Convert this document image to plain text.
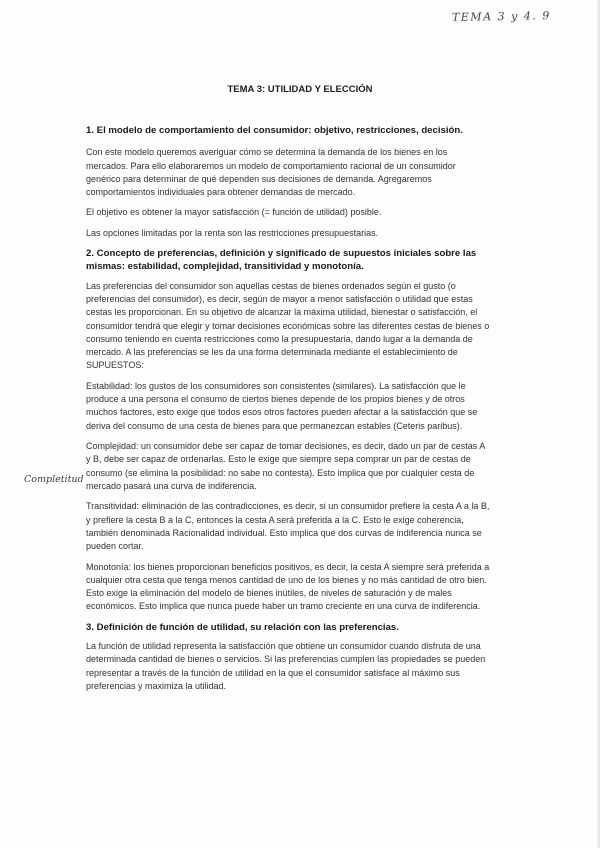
TEMA 3 y 4. 9
Completitud
TEMA 3: UTILIDAD Y ELECCIÓN
1. El modelo de comportamiento del consumidor: objetivo, restricciones, decisión.

Con este modelo queremos averiguar cómo se determina la demanda de los bienes en los mercados. Para ello elaboraremos un modelo de comportamiento racional de un consumidor genérico para determinar de qué dependen sus decisiones de demanda. Agregaremos comportamientos individuales para obtener demandas de mercado.

El objetivo es obtener la mayor satisfacción (= función de utilidad) posible.

Las opciones limitadas por la renta son las restricciones presupuestarias.

2. Concepto de preferencias, definición y significado de supuestos iniciales sobre las mismas: estabilidad, complejidad, transitividad y monotonía.

Las preferencias del consumidor son aquellas cestas de bienes ordenados según el gusto (o preferencias del consumidor), es decir, según de mayor a menor satisfacción o utilidad que estas cestas les proporcionan. En su objetivo de alcanzar la máxima utilidad, bienestar o satisfacción, el consumidor tendrá que elegir y tomar decisiones económicas sobre las diferentes cestas de bienes o consumo teniendo en cuenta restricciones como la presupuestaria, dando lugar a la demanda de mercado. A las preferencias se les da una forma determinada mediante el establecimiento de SUPUESTOS:

Estabilidad: los gustos de los consumidores son consistentes (similares). La satisfacción que le produce a una persona el consumo de ciertos bienes depende de los propios bienes y de otros muchos factores, esto exige que todos esos otros factores pueden afectar a la satisfacción que se deriva del consumo de una cesta de bienes para que permanezcan estables (Ceteris paribus).

Complejidad: un consumidor debe ser capaz de tomar decisiones, es decir, dado un par de cestas A y B, debe ser capaz de ordenarlas. Esto le exige que siempre sepa comprar un par de cestas de consumo (se elimina la posibilidad: no sabe no contesta). Esto implica que por cualquier cesta de mercado pasará una curva de indiferencia.

Transitividad: eliminación de las contradicciones, es decir, si un consumidor prefiere la cesta A a la B, y prefiere la cesta B a la C, entonces la cesta A será preferida a la C. Esto le exige coherencia, también denominada Racionalidad individual. Esto implica que dos curvas de indiferencia nunca se pueden cortar.

Monotonía: los bienes proporcionan beneficios positivos, es decir, la cesta A siempre será preferida a cualquier otra cesta que tenga menos cantidad de uno de los bienes y no más cantidad de otro bien. Esto exige la eliminación del modelo de bienes inútiles, de niveles de saturación y de males económicos. Esto implica que nunca puede haber un tramo creciente en una curva de indiferencia.

3. Definición de función de utilidad, su relación con las preferencias.

La función de utilidad representa la satisfacción que obtiene un consumidor cuando disfruta de una determinada cantidad de bienes o servicios. Si las preferencias cumplen las propiedades se pueden representar a través de la función de utilidad en la que el consumidor satisface al máximo sus preferencias y maximiza la utilidad.
